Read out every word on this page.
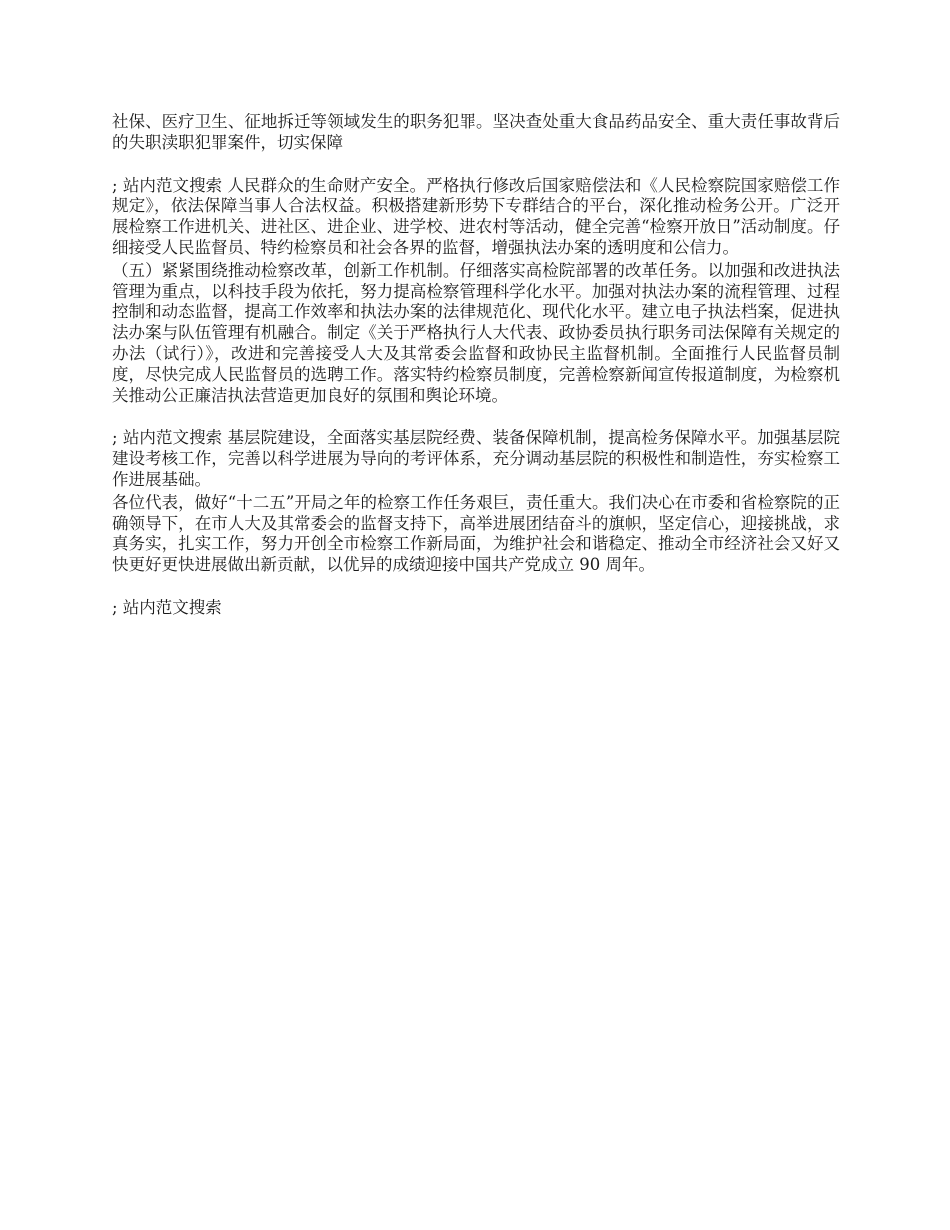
社保、医疗卫生、征地拆迁等领域发生的职务犯罪。坚决查处重大食品药品安全、重大责任事故背后的失职渎职犯罪案件，切实保障

; 站内范文搜索 人民群众的生命财产安全。严格执行修改后国家赔偿法和《人民检察院国家赔偿工作规定》，依法保障当事人合法权益。积极搭建新形势下专群结合的平台，深化推动检务公开。广泛开展检察工作进机关、进社区、进企业、进学校、进农村等活动，健全完善“检察开放日”活动制度。仔细接受人民监督员、特约检察员和社会各界的监督，增强执法办案的透明度和公信力。

（五）紧紧围绕推动检察改革，创新工作机制。仔细落实高检院部署的改革任务。以加强和改进执法管理为重点，以科技手段为依托，努力提高检察管理科学化水平。加强对执法办案的流程管理、过程控制和动态监督，提高工作效率和执法办案的法律规范化、现代化水平。建立电子执法档案，促进执法办案与队伍管理有机融合。制定《关于严格执行人大代表、政协委员执行职务司法保障有关规定的办法（试行）》，改进和完善接受人大及其常委会监督和政协民主监督机制。全面推行人民监督员制度，尽快完成人民监督员的选聘工作。落实特约检察员制度，完善检察新闻宣传报道制度，为检察机关推动公正廉洁执法营造更加良好的氛围和舆论环境。

; 站内范文搜索 基层院建设，全面落实基层院经费、装备保障机制，提高检务保障水平。加强基层院建设考核工作，完善以科学进展为导向的考评体系，充分调动基层院的积极性和制造性，夯实检察工作进展基础。

各位代表，做好“十二五”开局之年的检察工作任务艰巨，责任重大。我们决心在市委和省检察院的正确领导下，在市人大及其常委会的监督支持下，高举进展团结奋斗的旗帜，坚定信心，迎接挑战，求真务实，扎实工作，努力开创全市检察工作新局面，为维护社会和谐稳定、推动全市经济社会又好又快更好更快进展做出新贡献，以优异的成绩迎接中国共产党成立 90 周年。

; 站内范文搜索
